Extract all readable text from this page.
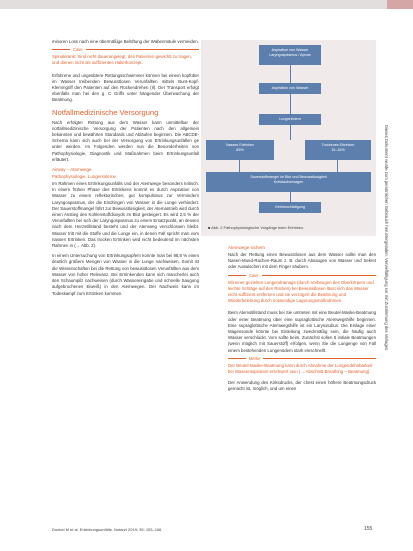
minoren Loss nach eine übermäßige Belüftung der Wabenmäule vermeiden.

Cave

Spinalerank: Sind nicht dauerangelegt, des Patienten gewichtt zu tragen, und dienen nicht als suffizientes Halterkonzept.

Erfahrene und ungeübtere Rettungsschwimmer können bei einem kopfüber im Wasser treibenden Bewusstlosen Verunfallten mittels Bunt-Kopf-Klemmgriff den Patienten auf den Rückendrehen (Il). Der Transport erfolgt ebenfalls man hei den g. C Griffs unter hängender Überwachung der Beatmung.

Notfallmedizinische Versorgung

Nach erfolgter Rettung aus dem Wasser kann unmittelbar der notfallmedizinische Versorgung der Patienten nach den allgemein bekannten und bewährten Standards und Abläufen beginnen. Die ABCDE-Schema kann sich auch bei der Versorgung von Ertrinkungsunfällen ge unter werden. Im Folgenden werden nun die Besonderheiten von Pathophysiologie, Diagnostik und Maßnahmen beim Ertrinkungsunfall erläutert.

Airway – Atemwege
Pathophysiologie, Lungenödeme

Im Rahmen eines Ertrinkungsunfalls und der Atemwege besonders kritisch. In einem frühen Phase des Ertrinkens kommt es durch Aspiration von Wasser zu einem reflektorischen, gut kompulsivus zur Vermindern Laryngospasmus, der die Eindringen von Wasser in die Lunge verhindert. Der Sauerstoffmangel führt zur Bewusstlosigkeit, der Atemantrieb wird durch einen Anstieg des Kohlenstoffdioxyds im Blut gesteigert. Es wird 2,5 % der Verunfallten bei sich der Laryngospasmus zu einem Ersatzpunkt, an dessen nach dem Herzstillstand besteht und der Atemweg verschlossen bleibt. Wasser tritt mit die Stoffe und die Lunge ein, in denen Fall spricht man vom nassen Ertrinken. Das trocken Ertrinken wird nicht bedeutend im nächsten Rahmen in (→ Abb. 2).

In einem Untersuchung von Ertrinkungsopfern konnte man bei 98,8 % einen deutlich größere Mengen von Wasser in die Lunge nachweisen. Somit ist die Wissenschaften bei die Rettung von bewusstlosen Verunfällten aus dem Wasser von hoher Relevanz. Bei Ertrinkenden kann sich mancherlei auch den Schaumpilz nachweisen (durch Wassereingabe und schnelle Saugung aufgebrochenes Eiweiß) in den Atemwegen. Der Nachweis kann im Todeskampf zum Ertrinken kommen.

Aspiration von Wasser
Laryngospasmus / Apnoe
Aspiration von Wasser
Lungenödem
Nasses Ertrinken
85%
Trockenes Ertrinken
10–15%
Sauerstoffmangel im Blut und Bewusstlosigkeit
Kreislaufversagen
Gehirnschädigung
■ Abb. 2 Pathophysiologische Vorgänge beim Ertrinken.
Atemwege sichern

Nach der Rettung eines Bewusstlosen aus dem Wasser sollte man den Nasen-Mund-Rachen-Raum z. B. durch Absaugen von Wasser und Sekret oder Auswischen mit dem Finger säubern.

Cave

Mit einer gezielten Lungendrainage (durch Vorbeugen des Oberkörpers und leichte Schläge auf den Rücken) bei Bewusstlosen lässt sich das Wasser nicht suffizient entfernen und sie verzögert die Beatmung und Wiederbelebung durch notwendige Lagerungsmaßnahmen.

Beim Atemstillstand muss bei Sie umtreten mit eine Beutel-Maske-Beatmung oder einer Beatmung über eine supraglottische Atemwegshilfe beginnen. Eine supraglottische Atemwegshilfe ist ein Larynxtubus. Die Einlage einer Magensonde könnte bei Einleitung zweckmäßig sein, die häufig auch Wasser verschluckt. Vom sollte beim. Zunächst sollen 5 initiale Beatmungen (wenn möglich mit Sauerstoff) erfolgen, wenn Sie die Lungenge von Fall einem bestehenden Lungenödem stark einschnellt.

Merke

Der Beutel-Maske-Beatmung kann durch Abnahme der Lungendehnbarkeit bei Wasseraspiration erschwert sein (→ Abschnitt Breathing – Beatmung).

Der Anwendung des Kirksdrucks, der chest einen höhere Beatmungsdruck gemacht ist, möglich, und um einen

Dieses Dokument wurde zum persönlichen Gebrauch heruntergeladen. Vervielfältigung nur mit Zustimmung des Verlages.
Dunkel M et al. Ertrinkungsunfälle. Notarzt 2019; 35: 153–166	155
